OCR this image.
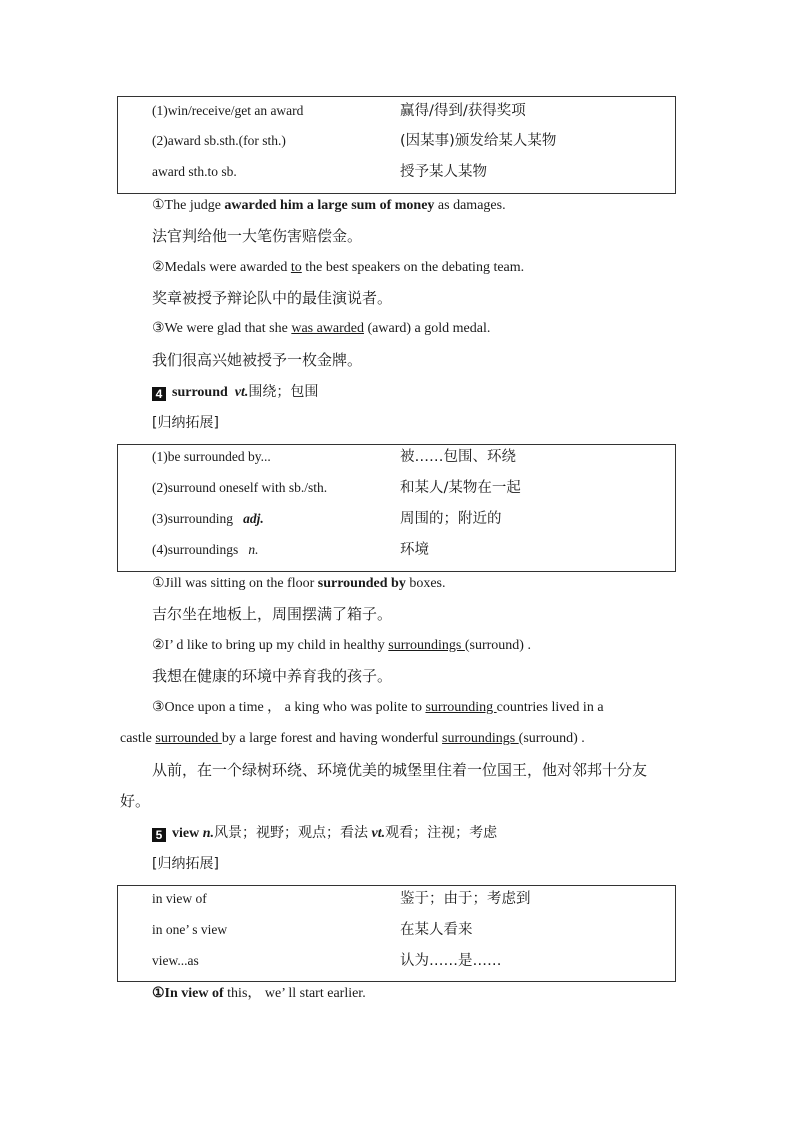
(1)win/receive/get an award	赢得/得到/获得奖项
(2)award sb.sth.(for sth.)	(因某事)颁发给某人某物
award sth.to sb.	授予某人某物
①The judge awarded him a large sum of money as damages.
法官判给他一大笔伤害赔偿金。
②Medals were awarded to the best speakers on the debating team.
奖章被授予辩论队中的最佳演说者。
③We were glad that she was awarded (award) a gold medal.
我们很高兴她被授予一枚金牌。
4 surround vt.围绕；包围
[归纳拓展]
(1)be surrounded by...	被……包围、环绕
(2)surround oneself with sb./sth.	和某人/某物在一起
(3)surrounding adj.	周围的；附近的
(4)surroundings n.	环境
①Jill was sitting on the floor surrounded by boxes.
吉尔坐在地板上，周围摆满了箱子。
②I’ d like to bring up my child in healthy surroundings (surround) .
我想在健康的环境中养育我的孩子。
③Once upon a time ， a king who was polite to surrounding countries lived in a
castle surrounded by a large forest and having wonderful surroundings (surround) .
从前，在一个绿树环绕、环境优美的城堡里住着一位国王，他对邻邦十分友
好。
5 view n.风景；视野；观点；看法 vt.观看；注视；考虑
[归纳拓展]
in view of	鉴于；由于；考虑到
in one’ s view	在某人看来
view...as	认为……是……
①In view of this， we’ ll start earlier.
